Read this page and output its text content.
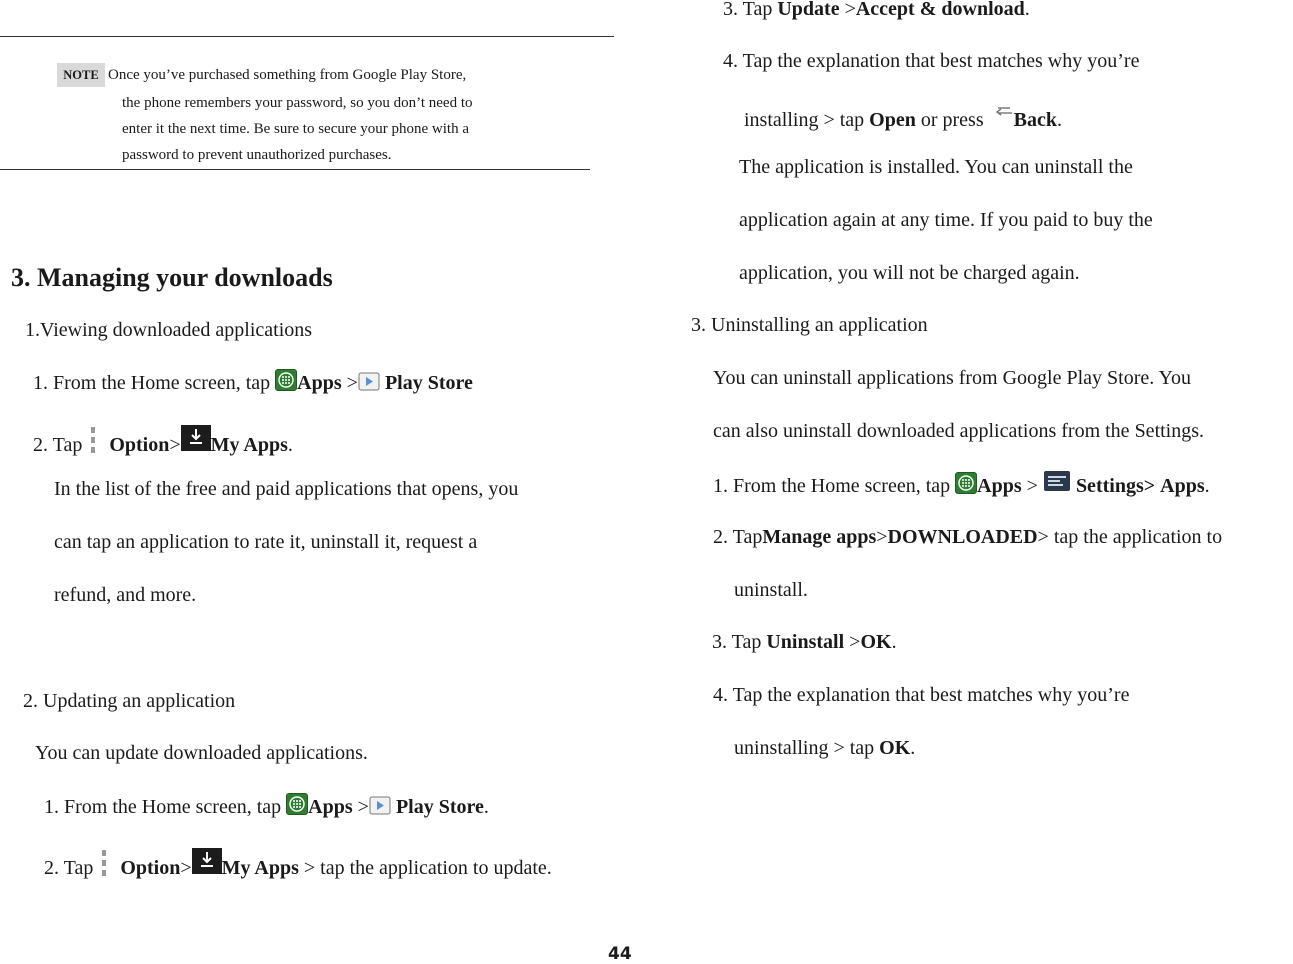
NOTE Once you’ve purchased something from Google Play Store,
the phone remembers your password, so you don’t need to
enter it the next time. Be sure to secure your phone with a
password to prevent unauthorized purchases.
3. Managing your downloads
1.Viewing downloaded applications
1. From the Home screen, tap
Apps > Play Store
2. Tap
Option> My Apps.
In the list of the free and paid applications that opens, you
can tap an application to rate it, uninstall it, request a
refund, and more.
2. Updating an application
You can update downloaded applications.
1. From the Home screen, tap
Apps > Play Store.
2. Tap
Option> My Apps > tap the application to update.
44
3. Tap Update >Accept & download.
4. Tap the explanation that best matches why you’re
installing > tap Open or press
Back.
The application is installed. You can uninstall the
application again at any time. If you paid to buy the
application, you will not be charged again.
3. Uninstalling an application
You can uninstall applications from Google Play Store. You
can also uninstall downloaded applications from the Settings.
1. From the Home screen, tap
Apps >
Settings> Apps.
2. TapManage apps>DOWNLOADED> tap the application to
uninstall.
3. Tap Uninstall >OK.
4. Tap the explanation that best matches why you’re
uninstalling > tap OK.
